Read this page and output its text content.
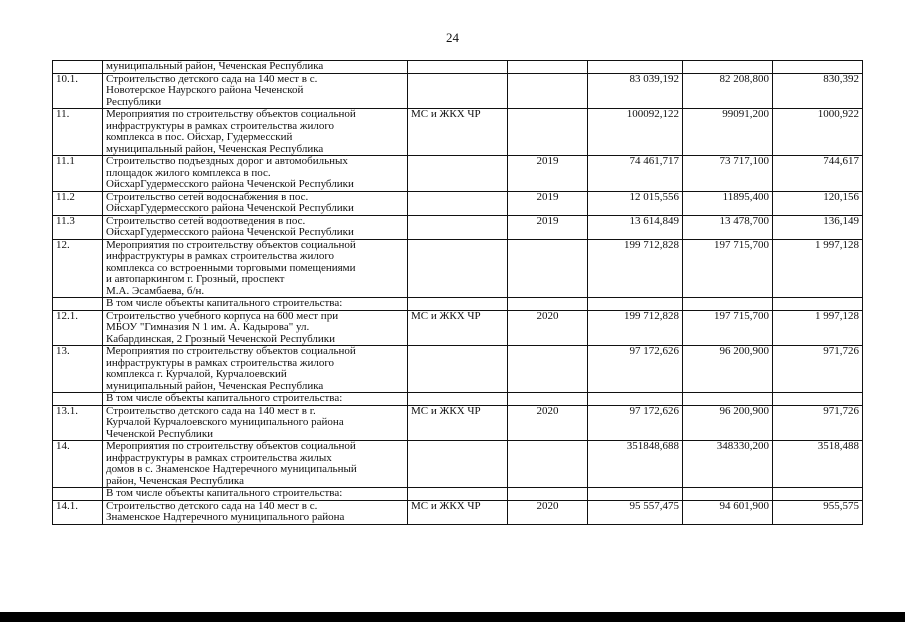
24
	муниципальный район, Чеченская Республика					
10.1.	Строительство детского сада на 140 мест в с.
Новотерское Наурского района Чеченской
Республики			83 039,192	82 208,800	830,392
11.	Мероприятия по строительству объектов социальной
инфраструктуры в рамках строительства жилого
комплекса в пос. Ойсхар, Гудермесский
муниципальный район, Чеченская Республика	МС и ЖКХ ЧР		100092,122	99091,200	1000,922
11.1	Строительство подъездных дорог и автомобильных
площадок жилого комплекса в пос.
ОйсхарГудермесского района Чеченской Республики		2019	74 461,717	73 717,100	744,617
11.2	Строительство сетей водоснабжения в пос.
ОйсхарГудермесского района Чеченской Республики		2019	12 015,556	11895,400	120,156
11.3	Строительство сетей водоотведения в пос.
ОйсхарГудермесского района Чеченской Республики		2019	13 614,849	13 478,700	136,149
12.	Мероприятия по строительству объектов социальной
инфраструктуры в рамках строительства жилого
комплекса со встроенными торговыми помещениями
и автопаркингом г. Грозный, проспект
М.А. Эсамбаева, б/н.			199 712,828	197 715,700	1 997,128
	В том числе объекты капитального строительства:					
12.1.	Строительство учебного корпуса на 600 мест при
МБОУ "Гимназия N 1 им. А. Кадырова" ул.
Кабардинская, 2 Грозный Чеченской Республики	МС и ЖКХ ЧР	2020	199 712,828	197 715,700	1 997,128
13.	Мероприятия по строительству объектов социальной
инфраструктуры в рамках строительства жилого
комплекса г. Курчалой, Курчалоевский
муниципальный район, Чеченская Республика			97 172,626	96 200,900	971,726
	В том числе объекты капитального строительства:					
13.1.	Строительство детского сада на 140 мест в г.
Курчалой Курчалоевского муниципального района
Чеченской Республики	МС и ЖКХ ЧР	2020	97 172,626	96 200,900	971,726
14.	Мероприятия по строительству объектов социальной
инфраструктуры в рамках строительства жилых
домов в с. Знаменское Надтеречного муниципальный
район, Чеченская Республика			351848,688	348330,200	3518,488
	В том числе объекты капитального строительства:					
14.1.	Строительство детского сада на 140 мест в с.
Знаменское Надтеречного муниципального района	МС и ЖКХ ЧР	2020	95 557,475	94 601,900	955,575
